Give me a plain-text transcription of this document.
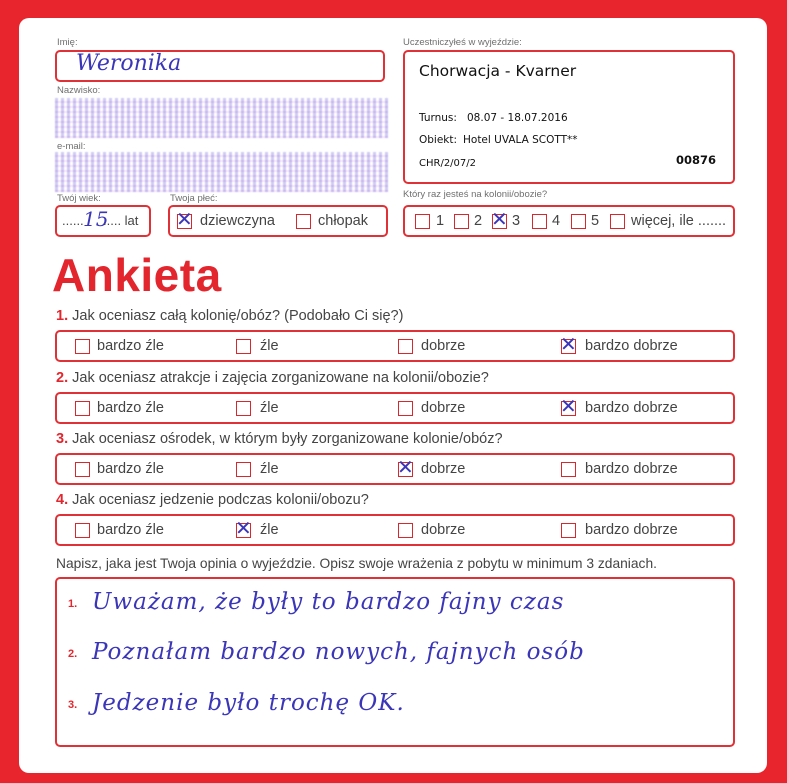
Imię:
Weronika
Nazwisko:
e-mail:
Twój wiek:
...... 15
..... lat
Twoja płeć:
✕ dziewczyna	chłopak
Uczestniczyłeś w wyjeździe:
Chorwacja - Kvarner
Turnus: 08.07 - 18.07.2016
Obiekt: Hotel UVALA SCOTT**
CHR/2/07/2	00876
Który raz jesteś na kolonii/obozie?
1 2 ✕ 3 4 5 więcej, ile .......
Ankieta
1. Jak oceniasz całą kolonię/obóz? (Podobało Ci się?)
bardzo źle	źle	dobrze	✕ bardzo dobrze
2. Jak oceniasz atrakcje i zajęcia zorganizowane na kolonii/obozie?
bardzo źle	źle	dobrze	✕ bardzo dobrze
3. Jak oceniasz ośrodek, w którym były zorganizowane kolonie/obóz?
bardzo źle	źle	✕ dobrze	bardzo dobrze
4. Jak oceniasz jedzenie podczas kolonii/obozu?
bardzo źle	✕ źle	dobrze	bardzo dobrze
Napisz, jaka jest Twoja opinia o wyjeździe. Opisz swoje wrażenia z pobytu w minimum 3 zdaniach.
1. Uważam, że były to bardzo fajny czas
2. Poznałam bardzo nowych, fajnych osób
3. Jedzenie było trochę OK.
